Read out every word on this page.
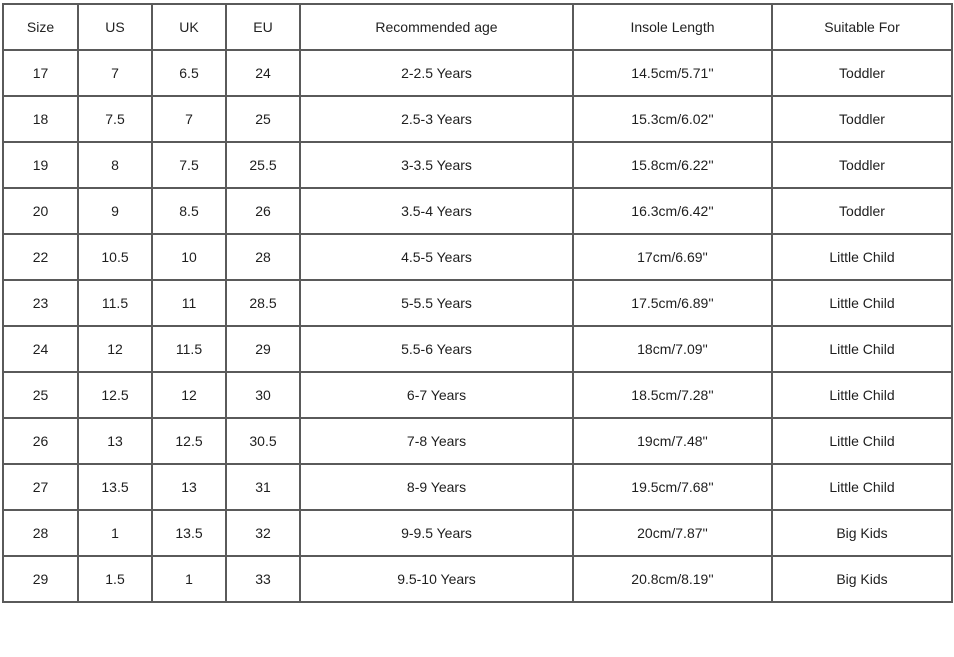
Size	US	UK	EU	Recommended age	Insole Length	Suitable For
17	7	6.5	24	2-2.5 Years	14.5cm/5.71''	Toddler
18	7.5	7	25	2.5-3 Years	15.3cm/6.02''	Toddler
19	8	7.5	25.5	3-3.5 Years	15.8cm/6.22''	Toddler
20	9	8.5	26	3.5-4 Years	16.3cm/6.42''	Toddler
22	10.5	10	28	4.5-5 Years	17cm/6.69''	Little Child
23	11.5	11	28.5	5-5.5 Years	17.5cm/6.89''	Little Child
24	12	11.5	29	5.5-6 Years	18cm/7.09''	Little Child
25	12.5	12	30	6-7 Years	18.5cm/7.28''	Little Child
26	13	12.5	30.5	7-8 Years	19cm/7.48''	Little Child
27	13.5	13	31	8-9 Years	19.5cm/7.68''	Little Child
28	1	13.5	32	9-9.5 Years	20cm/7.87''	Big Kids
29	1.5	1	33	9.5-10 Years	20.8cm/8.19''	Big Kids
